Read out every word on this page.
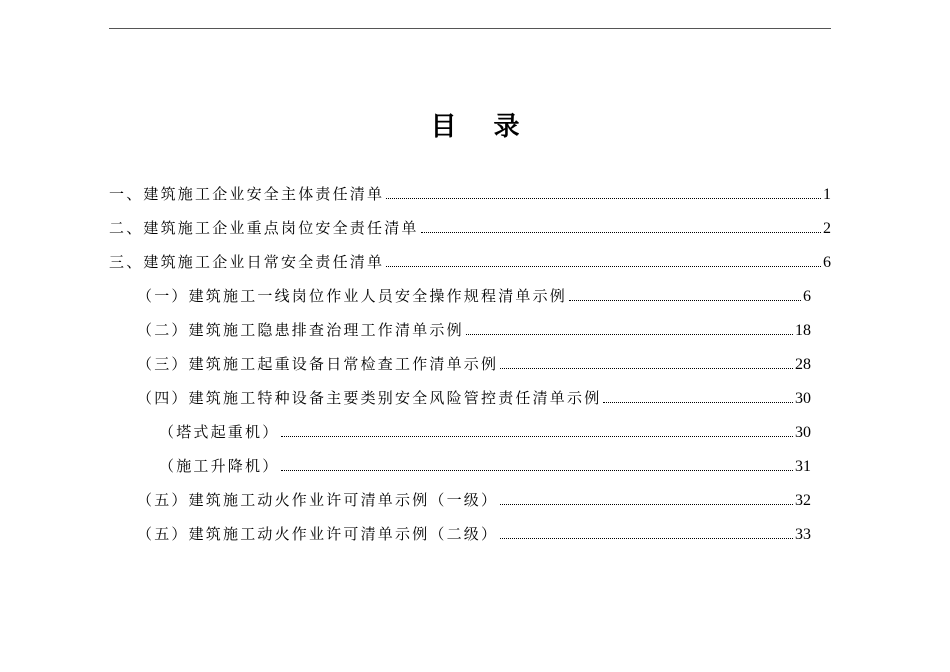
目 录
一、建筑施工企业安全主体责任清单	1
二、建筑施工企业重点岗位安全责任清单	2
三、建筑施工企业日常安全责任清单	6
（一）建筑施工一线岗位作业人员安全操作规程清单示例	6
（二）建筑施工隐患排查治理工作清单示例	18
（三）建筑施工起重设备日常检查工作清单示例	28
（四）建筑施工特种设备主要类别安全风险管控责任清单示例	30
（塔式起重机）	30
（施工升降机）	31
（五）建筑施工动火作业许可清单示例（一级）	32
（五）建筑施工动火作业许可清单示例（二级）	33
